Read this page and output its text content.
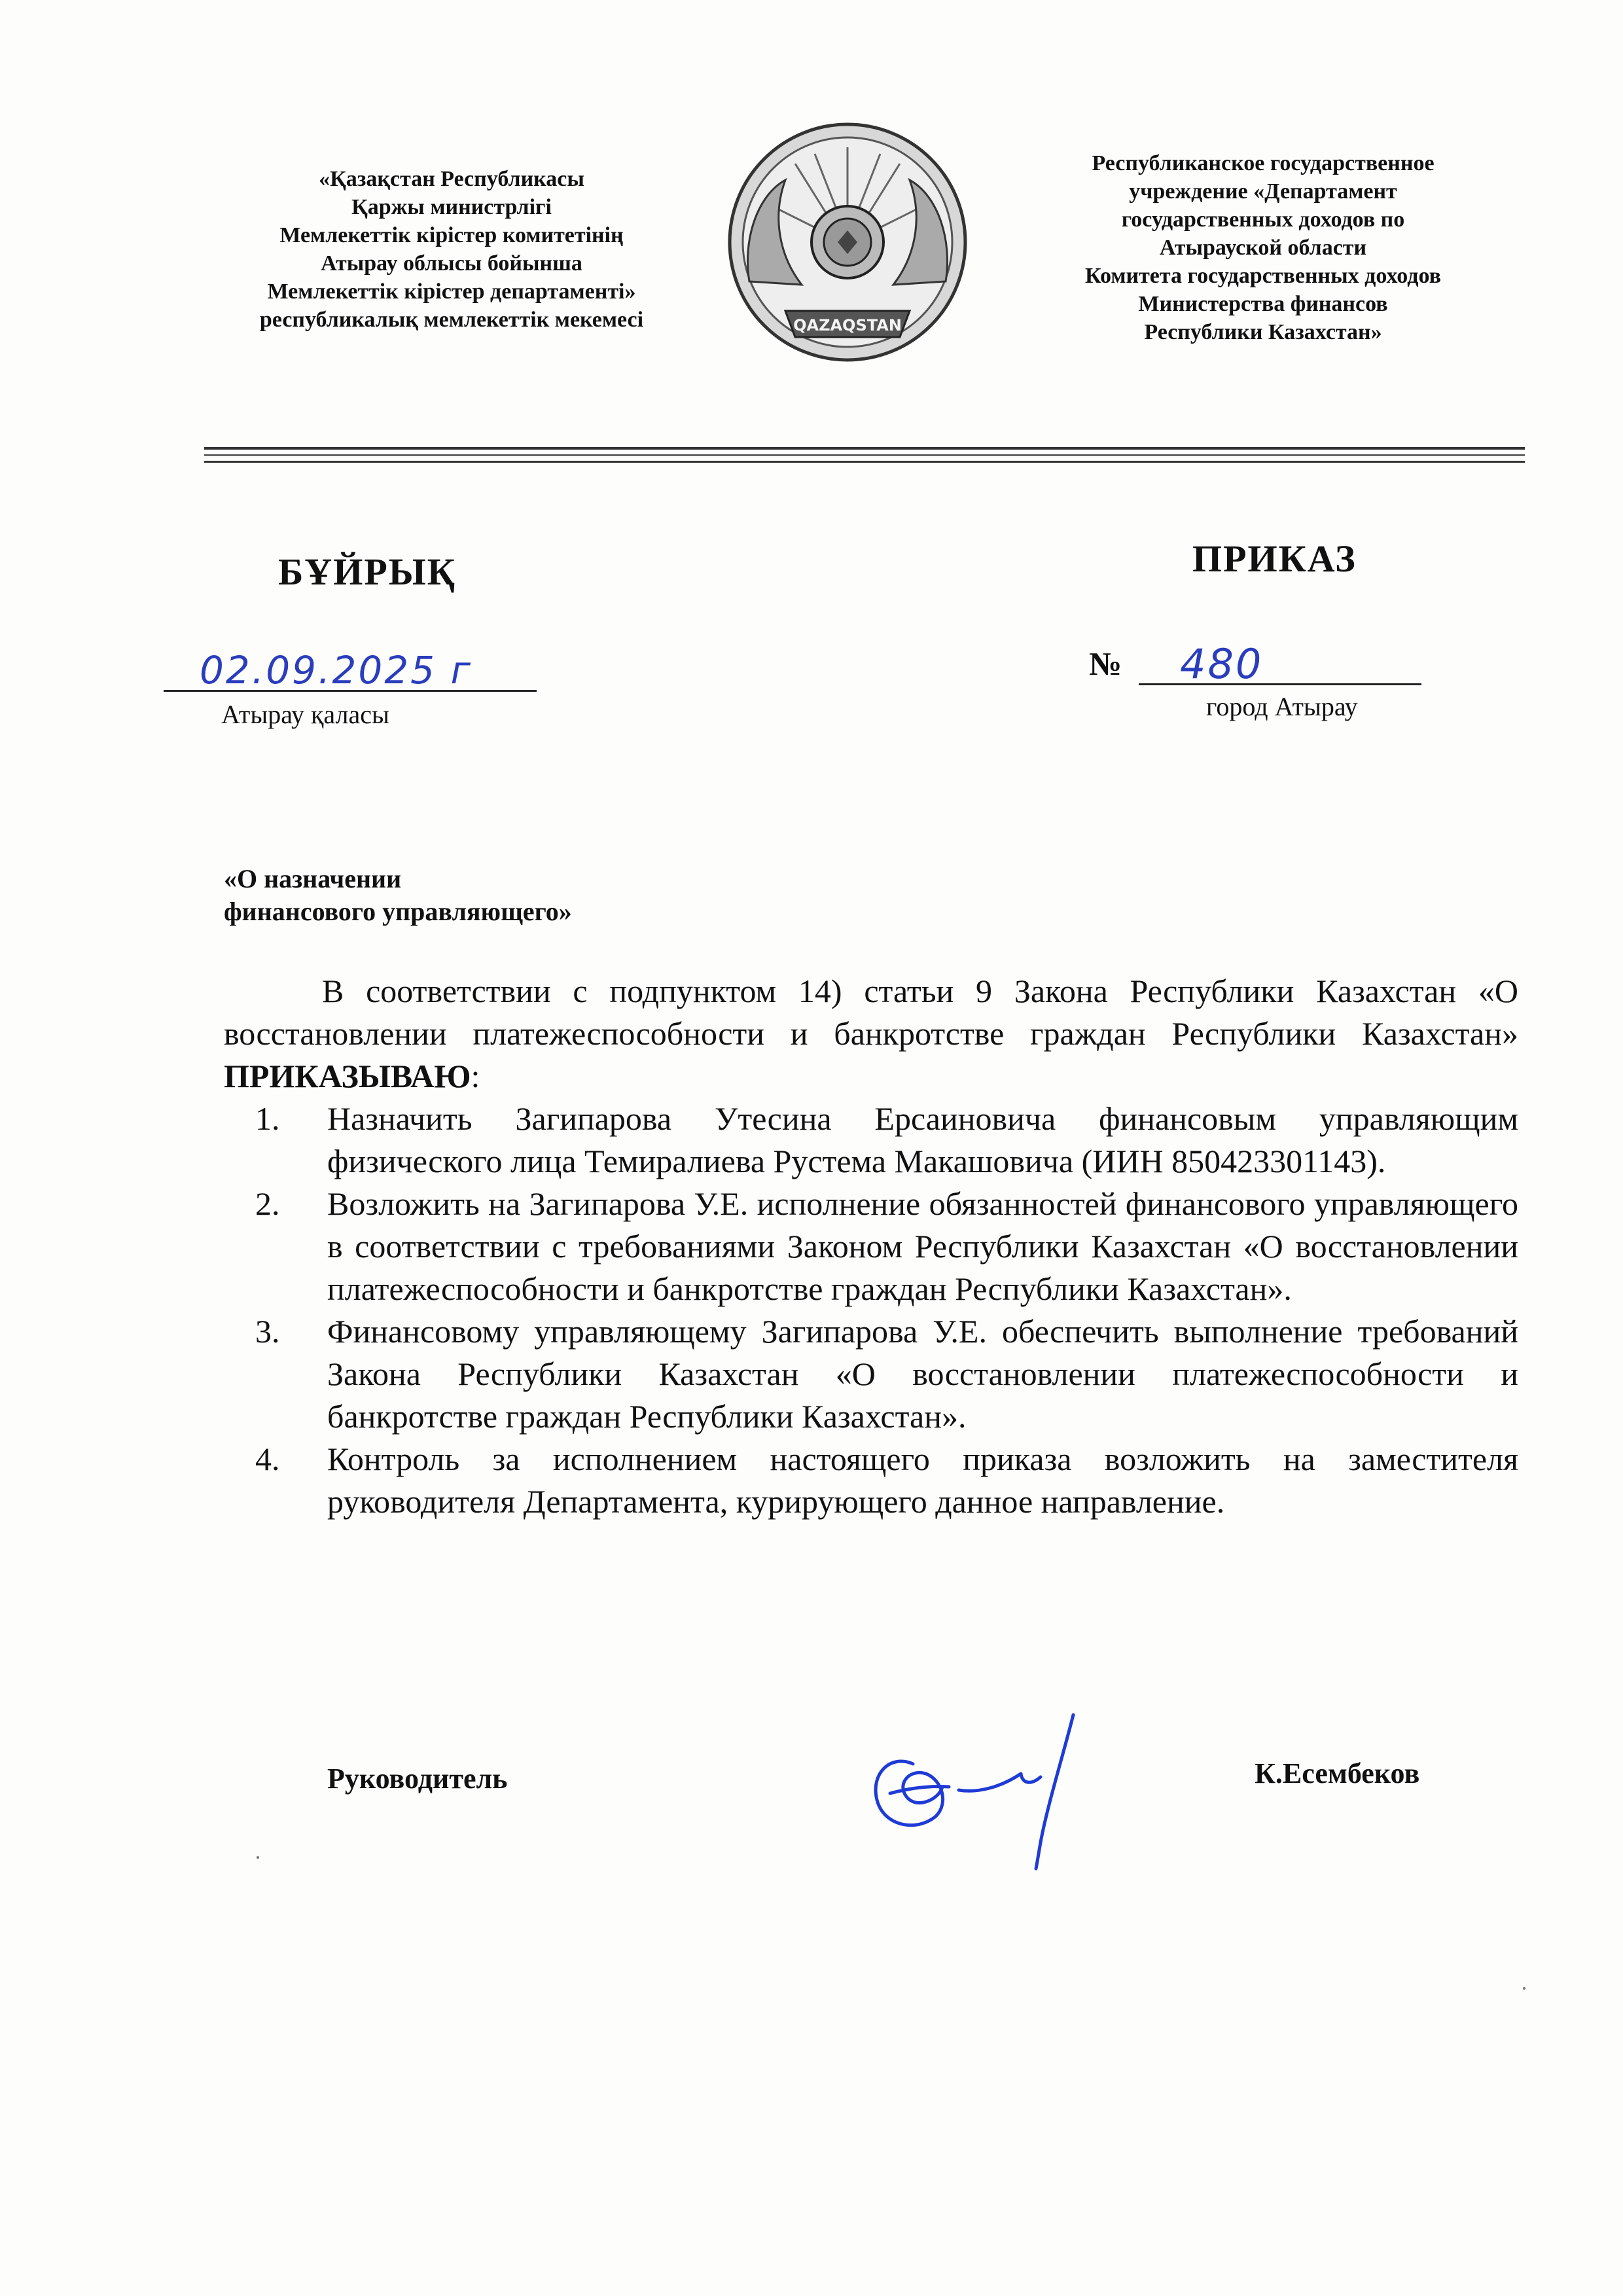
«Қазақстан Республикасы
Қаржы министрлігі
Мемлекеттік кірістер комитетінің
Атырау облысы бойынша
Мемлекеттік кірістер департаменті»
республикалық мемлекеттік мекемесі	QAZAQSTAN
Республиканское государственное
учреждение «Департамент
государственных доходов по
Атырауской области
Комитета государственных доходов
Министерства финансов
Республики Казахстан»
БҰЙРЫҚ	ПРИКАЗ
02.09.2025 г
Атырау қаласы
№ 480
город Атырау
«О назначении
финансового управляющего»
В соответствии с подпунктом 14) статьи 9 Закона Республики Казахстан «О восстановлении платежеспособности и банкротстве граждан Республики Казахстан» ПРИКАЗЫВАЮ:
1. Назначить Загипарова Утесина Ерсаиновича финансовым управляющим физического лица Темиралиева Рустема Макашовича (ИИН 850423301143).
2. Возложить на Загипарова У.Е. исполнение обязанностей финансового управляющего в соответствии с требованиями Законом Республики Казахстан «О восстановлении платежеспособности и банкротстве граждан Республики Казахстан».
3. Финансовому управляющему Загипарова У.Е. обеспечить выполнение требований Закона Республики Казахстан «О восстановлении платежеспособности и банкротстве граждан Республики Казахстан».
4. Контроль за исполнением настоящего приказа возложить на заместителя руководителя Департамента, курирующего данное направление.
Руководитель	К.Есембеков
